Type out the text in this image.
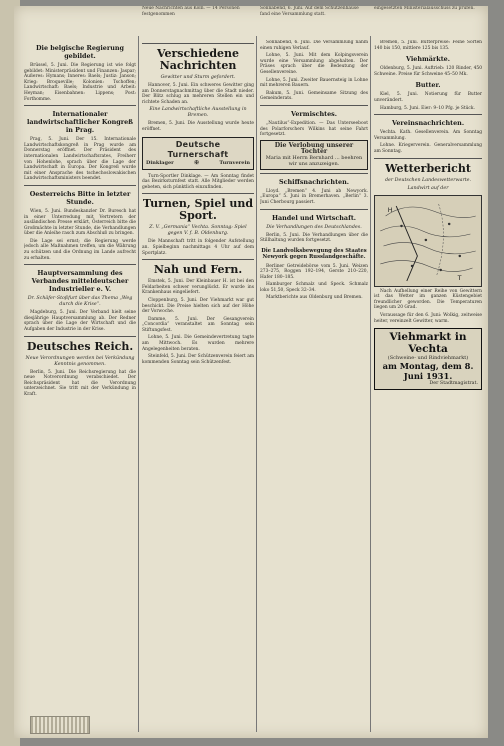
Neue Nachrichten aus Köln. — 14 Personen festgenommen
Sonnabend, 6. Juni. Auf dem Schützenhause fand eine Versammlung statt.
eingesetzten Ministerialausschuss zu prüfen.
Die belgische Regierung gebildet.
Brüssel, 5. Juni. Die Regierung ist wie folgt gebildet: Ministerpräsident und Finanzen: Jaspar; Äußeres: Hymans; Inneres: Baels; Justiz: Janson; Krieg: Broqueville; Kolonien: Tschoffen; Landwirtschaft: Baels; Industrie und Arbeit: Heyman; Eisenbahnen: Lippens; Post: Forthomme.
Internationaler landwirtschaftlicher Kongreß in Prag.
Prag, 5. Juni. Der 15. Internationale Landwirtschaftskongreß in Prag wurde am Donnerstag eröffnet. Der Präsident des internationalen Landwirtschaftsrates, Freiherr von Hohenlohe, sprach über die Lage der Landwirtschaft in Europa. Der Kongreß wurde mit einer Ansprache des tschechoslowakischen Landwirtschaftsministers beendet.
Oesterreichs Bitte in letzter Stunde.
Wien, 5. Juni. Bundeskanzler Dr. Buresch hat in einer Unterredung mit Vertretern der ausländischen Presse erklärt, Österreich bitte die Großmächte in letzter Stunde, die Verhandlungen über die Anleihe rasch zum Abschluß zu bringen.
Die Lage sei ernst; die Regierung werde jedoch alle Maßnahmen treffen, um die Währung zu schützen und die Ordnung im Lande aufrecht zu erhalten.
Hauptversammlung des Verbandes mitteldeutscher Industrieller e. V.
Dr. Schäfer-Stoßfurt über das Thema „Weg durch die Krise“.
Magdeburg, 5. Juni. Der Verband hielt seine diesjährige Hauptversammlung ab. Der Redner sprach über die Lage der Wirtschaft und die Aufgaben der Industrie in der Krise.
Deutsches Reich.
Neue Verordnungen werden bei Verkündung Kenntnis genommen.
Berlin, 5. Juni. Die Reichsregierung hat die neue Notverordnung verabschiedet. Der Reichspräsident hat die Verordnung unterzeichnet. Sie tritt mit der Verkündung in Kraft.
Verschiedene Nachrichten
Gewitter und Sturm gefordert.
Hannover, 5. Juni. Ein schweres Gewitter ging am Donnerstagnachmittag über die Stadt nieder. Der Blitz schlug an mehreren Stellen ein und richtete Schaden an.
Eine Landwirtschaftliche Ausstellung in Bremen.
Bremen, 5. Juni. Die Ausstellung wurde heute eröffnet.
Deutsche Turnerschaft
Dinklager	✠	Turnverein
Turn-Sportler Dinklage. — Am Sonntag findet das Bezirksturnfest statt. Alle Mitglieder werden gebeten, sich pünktlich einzufinden.
Turnen, Spiel und Sport.
Z. V. „Germania“ Vechta. Sonntag: Spiel gegen V. f. B. Oldenburg.
Die Mannschaft tritt in folgender Aufstellung an. Spielbeginn nachmittags 4 Uhr auf dem Sportplatz.
Nah und Fern.
Emstek, 5. Juni. Der Kleinbauer H. ist bei den Feldarbeiten schwer verunglückt. Er wurde ins Krankenhaus eingeliefert.
Cloppenburg, 5. Juni. Der Viehmarkt war gut beschickt. Die Preise hielten sich auf der Höhe der Vorwoche.
Damme, 5. Juni. Der Gesangverein „Concordia“ veranstaltet am Sonntag sein Stiftungsfest.
Lohne, 5. Juni. Die Gemeindevertretung tagte am Mittwoch. Es wurden mehrere Angelegenheiten beraten.
Steinfeld, 5. Juni. Der Schützenverein feiert am kommenden Sonntag sein Schützenfest.
Sonnabend, 6. Juni. Die Versammlung nahm einen ruhigen Verlauf.
Lohne, 5. Juni. Mit dem Kolpingsverein wurde eine Versammlung abgehalten. Der Präses sprach über die Bedeutung der Gesellenvereine.
Lohne, 5. Juni. Zweiter Bauernsteig in Lohne mit mehreren Bauern.
Bakum, 5. Juni. Gemeinsame Sitzung des Gemeinderats.
Vermischtes.
„Nautilus“-Expedition. — Das Unterseeboot des Polarforschers Wilkins hat seine Fahrt fortgesetzt.
Die Verlobung unserer Tochter
Maria mit Herrn Bernhard ... beehren wir uns anzuzeigen.
Schiffsnachrichten.
Lloyd. „Bremen“ 4. Juni ab Newyork. „Europa“ 5. Juni in Bremerhaven. „Berlin“ 3. Juni Cherbourg passiert.
Handel und Wirtschaft.
Die Verhandlungen des Deutschlandes.
Berlin, 5. Juni. Die Verhandlungen über die Stillhaltung wurden fortgesetzt.
Die Landvolksbewegung des Staates Newyork gegen Russlandgeschäfte.
Berliner Getreidebörse vom 5. Juni. Weizen 273–275, Roggen 192–194, Gerste 210–220, Hafer 180–185.
Hamburger Schmalz und Speck. Schmalz loko 51,50, Speck 32–34.
Marktberichte aus Oldenburg und Bremen.
Bremen, 5. Juni. Butterpreise: Feine Sorten 140 bis 150, mittlere 125 bis 135.
Viehmärkte.
Oldenburg, 5. Juni. Auftrieb: 120 Rinder, 450 Schweine. Preise für Schweine 45–50 Mk.
Butter.
Kiel, 5. Juni. Notierung für Butter unverändert.
Hamburg, 5. Juni. Eier: 9–10 Pfg. je Stück.
Vereinsnachrichten.
Vechta. Kath. Gesellenverein. Am Sonntag Versammlung.
Lohne. Kriegerverein. Generalversammlung am Sonntag.
Wetterbericht
der Deutschen Landeswetterwarte.
Landwirt auf der
H
T
Nach Aufhellung einer Reihe von Gewittern ist das Wetter im ganzen Küstengebiet freundlicher geworden. Die Temperaturen liegen um 20 Grad.
Voraussage für den 6. Juni: Wolkig, zeitweise heiter, vereinzelt Gewitter, warm.
Viehmarkt in Vechta
(Schweine- und Rindviehmarkt)
am Montag, dem 8. Juni 1931.
Der Stadtmagistrat.
